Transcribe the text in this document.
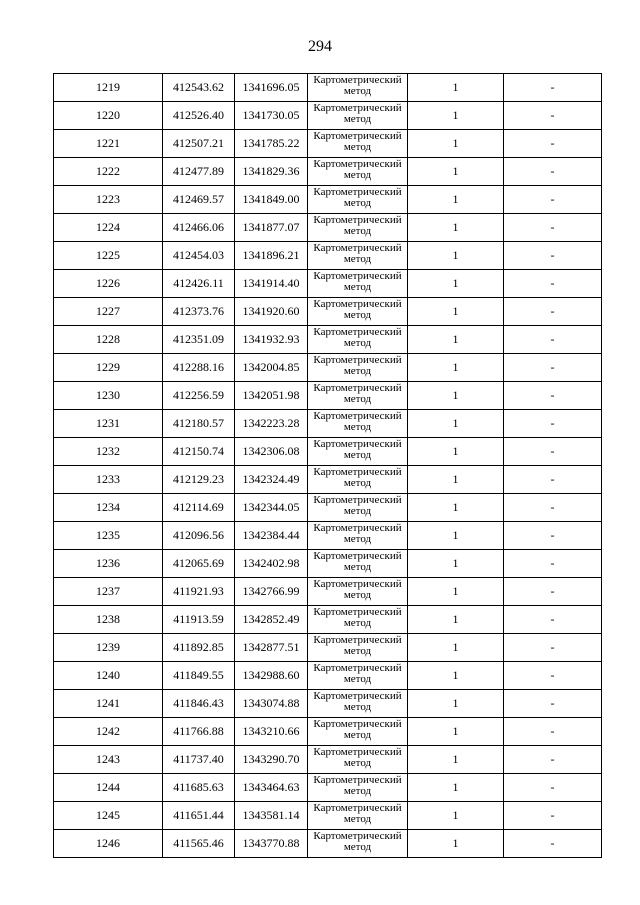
294
1219	412543.62	1341696.05	Картометрический метод	1	-
1220	412526.40	1341730.05	Картометрический метод	1	-
1221	412507.21	1341785.22	Картометрический метод	1	-
1222	412477.89	1341829.36	Картометрический метод	1	-
1223	412469.57	1341849.00	Картометрический метод	1	-
1224	412466.06	1341877.07	Картометрический метод	1	-
1225	412454.03	1341896.21	Картометрический метод	1	-
1226	412426.11	1341914.40	Картометрический метод	1	-
1227	412373.76	1341920.60	Картометрический метод	1	-
1228	412351.09	1341932.93	Картометрический метод	1	-
1229	412288.16	1342004.85	Картометрический метод	1	-
1230	412256.59	1342051.98	Картометрический метод	1	-
1231	412180.57	1342223.28	Картометрический метод	1	-
1232	412150.74	1342306.08	Картометрический метод	1	-
1233	412129.23	1342324.49	Картометрический метод	1	-
1234	412114.69	1342344.05	Картометрический метод	1	-
1235	412096.56	1342384.44	Картометрический метод	1	-
1236	412065.69	1342402.98	Картометрический метод	1	-
1237	411921.93	1342766.99	Картометрический метод	1	-
1238	411913.59	1342852.49	Картометрический метод	1	-
1239	411892.85	1342877.51	Картометрический метод	1	-
1240	411849.55	1342988.60	Картометрический метод	1	-
1241	411846.43	1343074.88	Картометрический метод	1	-
1242	411766.88	1343210.66	Картометрический метод	1	-
1243	411737.40	1343290.70	Картометрический метод	1	-
1244	411685.63	1343464.63	Картометрический метод	1	-
1245	411651.44	1343581.14	Картометрический метод	1	-
1246	411565.46	1343770.88	Картометрический метод	1	-
